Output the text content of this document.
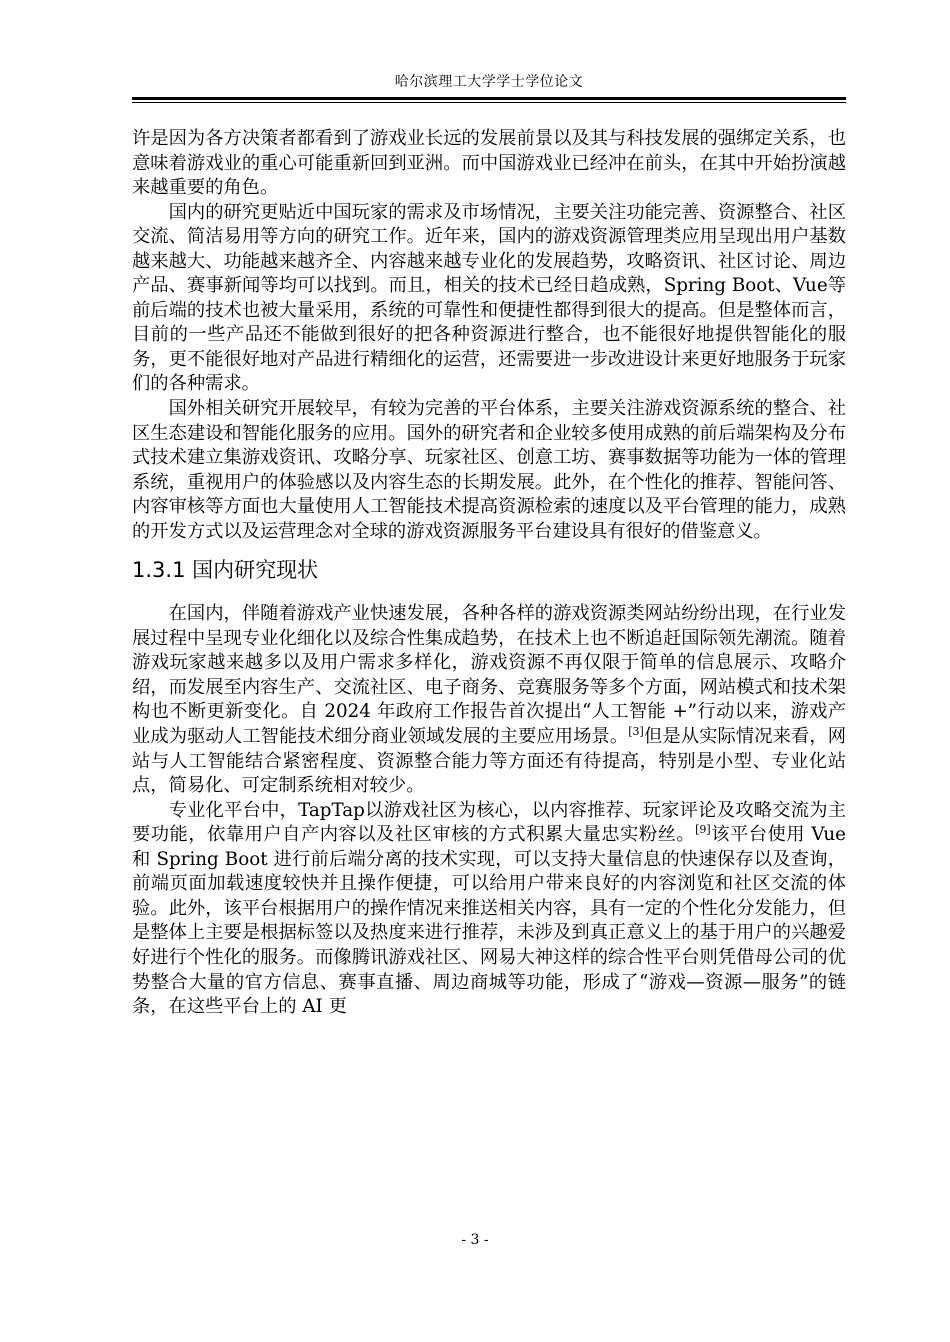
哈尔滨理工大学学士学位论文

许是因为各方决策者都看到了游戏业长远的发展前景以及其与科技发展的强绑定关系，也意味着游戏业的重心可能重新回到亚洲。而中国游戏业已经冲在前头，在其中开始扮演越来越重要的角色。

国内的研究更贴近中国玩家的需求及市场情况，主要关注功能完善、资源整合、社区交流、简洁易用等方向的研究工作。近年来，国内的游戏资源管理类应用呈现出用户基数越来越大、功能越来越齐全、内容越来越专业化的发展趋势，攻略资讯、社区讨论、周边产品、赛事新闻等均可以找到。而且，相关的技术已经日趋成熟，Spring Boot、Vue等前后端的技术也被大量采用，系统的可靠性和便捷性都得到很大的提高。但是整体而言，目前的一些产品还不能做到很好的把各种资源进行整合，也不能很好地提供智能化的服务，更不能很好地对产品进行精细化的运营，还需要进一步改进设计来更好地服务于玩家们的各种需求。

国外相关研究开展较早，有较为完善的平台体系，主要关注游戏资源系统的整合、社区生态建设和智能化服务的应用。国外的研究者和企业较多使用成熟的前后端架构及分布式技术建立集游戏资讯、攻略分享、玩家社区、创意工坊、赛事数据等功能为一体的管理系统，重视用户的体验感以及内容生态的长期发展。此外，在个性化的推荐、智能问答、内容审核等方面也大量使用人工智能技术提高资源检索的速度以及平台管理的能力，成熟的开发方式以及运营理念对全球的游戏资源服务平台建设具有很好的借鉴意义。

1.3.1 国内研究现状

在国内，伴随着游戏产业快速发展，各种各样的游戏资源类网站纷纷出现，在行业发展过程中呈现专业化细化以及综合性集成趋势，在技术上也不断追赶国际领先潮流。随着游戏玩家越来越多以及用户需求多样化，游戏资源不再仅限于简单的信息展示、攻略介绍，而发展至内容生产、交流社区、电子商务、竞赛服务等多个方面，网站模式和技术架构也不断更新变化。自 2024 年政府工作报告首次提出“人工智能 +”行动以来，游戏产业成为驱动人工智能技术细分商业领域发展的主要应用场景。[3]但是从实际情况来看，网站与人工智能结合紧密程度、资源整合能力等方面还有待提高，特别是小型、专业化站点，简易化、可定制系统相对较少。

专业化平台中，TapTap以游戏社区为核心，以内容推荐、玩家评论及攻略交流为主要功能，依靠用户自产内容以及社区审核的方式积累大量忠实粉丝。[9]该平台使用 Vue 和 Spring Boot 进行前后端分离的技术实现，可以支持大量信息的快速保存以及查询，前端页面加载速度较快并且操作便捷，可以给用户带来良好的内容浏览和社区交流的体验。此外，该平台根据用户的操作情况来推送相关内容，具有一定的个性化分发能力，但是整体上主要是根据标签以及热度来进行推荐，未涉及到真正意义上的基于用户的兴趣爱好进行个性化的服务。而像腾讯游戏社区、网易大神这样的综合性平台则凭借母公司的优势整合大量的官方信息、赛事直播、周边商城等功能，形成了“游戏—资源—服务”的链条，在这些平台上的 AI 更

- 3 -
